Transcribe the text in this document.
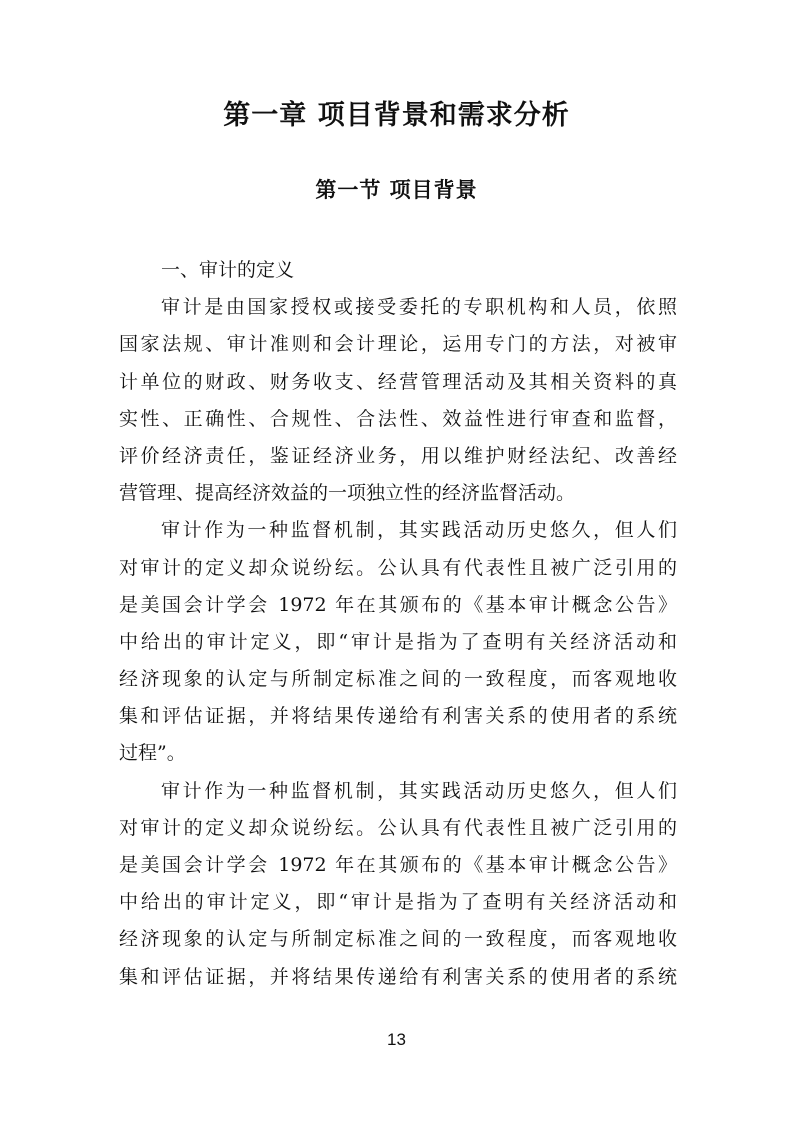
第一章 项目背景和需求分析
第一节 项目背景
一、审计的定义
审计是由国家授权或接受委托的专职机构和人员，依照
国家法规、审计准则和会计理论，运用专门的方法，对被审
计单位的财政、财务收支、经营管理活动及其相关资料的真
实性、正确性、合规性、合法性、效益性进行审查和监督，
评价经济责任，鉴证经济业务，用以维护财经法纪、改善经
营管理、提高经济效益的一项独立性的经济监督活动。
审计作为一种监督机制，其实践活动历史悠久，但人们
对审计的定义却众说纷纭。公认具有代表性且被广泛引用的
是美国会计学会 1972 年在其颁布的《基本审计概念公告》
中给出的审计定义，即“审计是指为了查明有关经济活动和
经济现象的认定与所制定标准之间的一致程度，而客观地收
集和评估证据，并将结果传递给有利害关系的使用者的系统
过程”。
审计作为一种监督机制，其实践活动历史悠久，但人们
对审计的定义却众说纷纭。公认具有代表性且被广泛引用的
是美国会计学会 1972 年在其颁布的《基本审计概念公告》
中给出的审计定义，即“审计是指为了查明有关经济活动和
经济现象的认定与所制定标准之间的一致程度，而客观地收
集和评估证据，并将结果传递给有利害关系的使用者的系统
13
